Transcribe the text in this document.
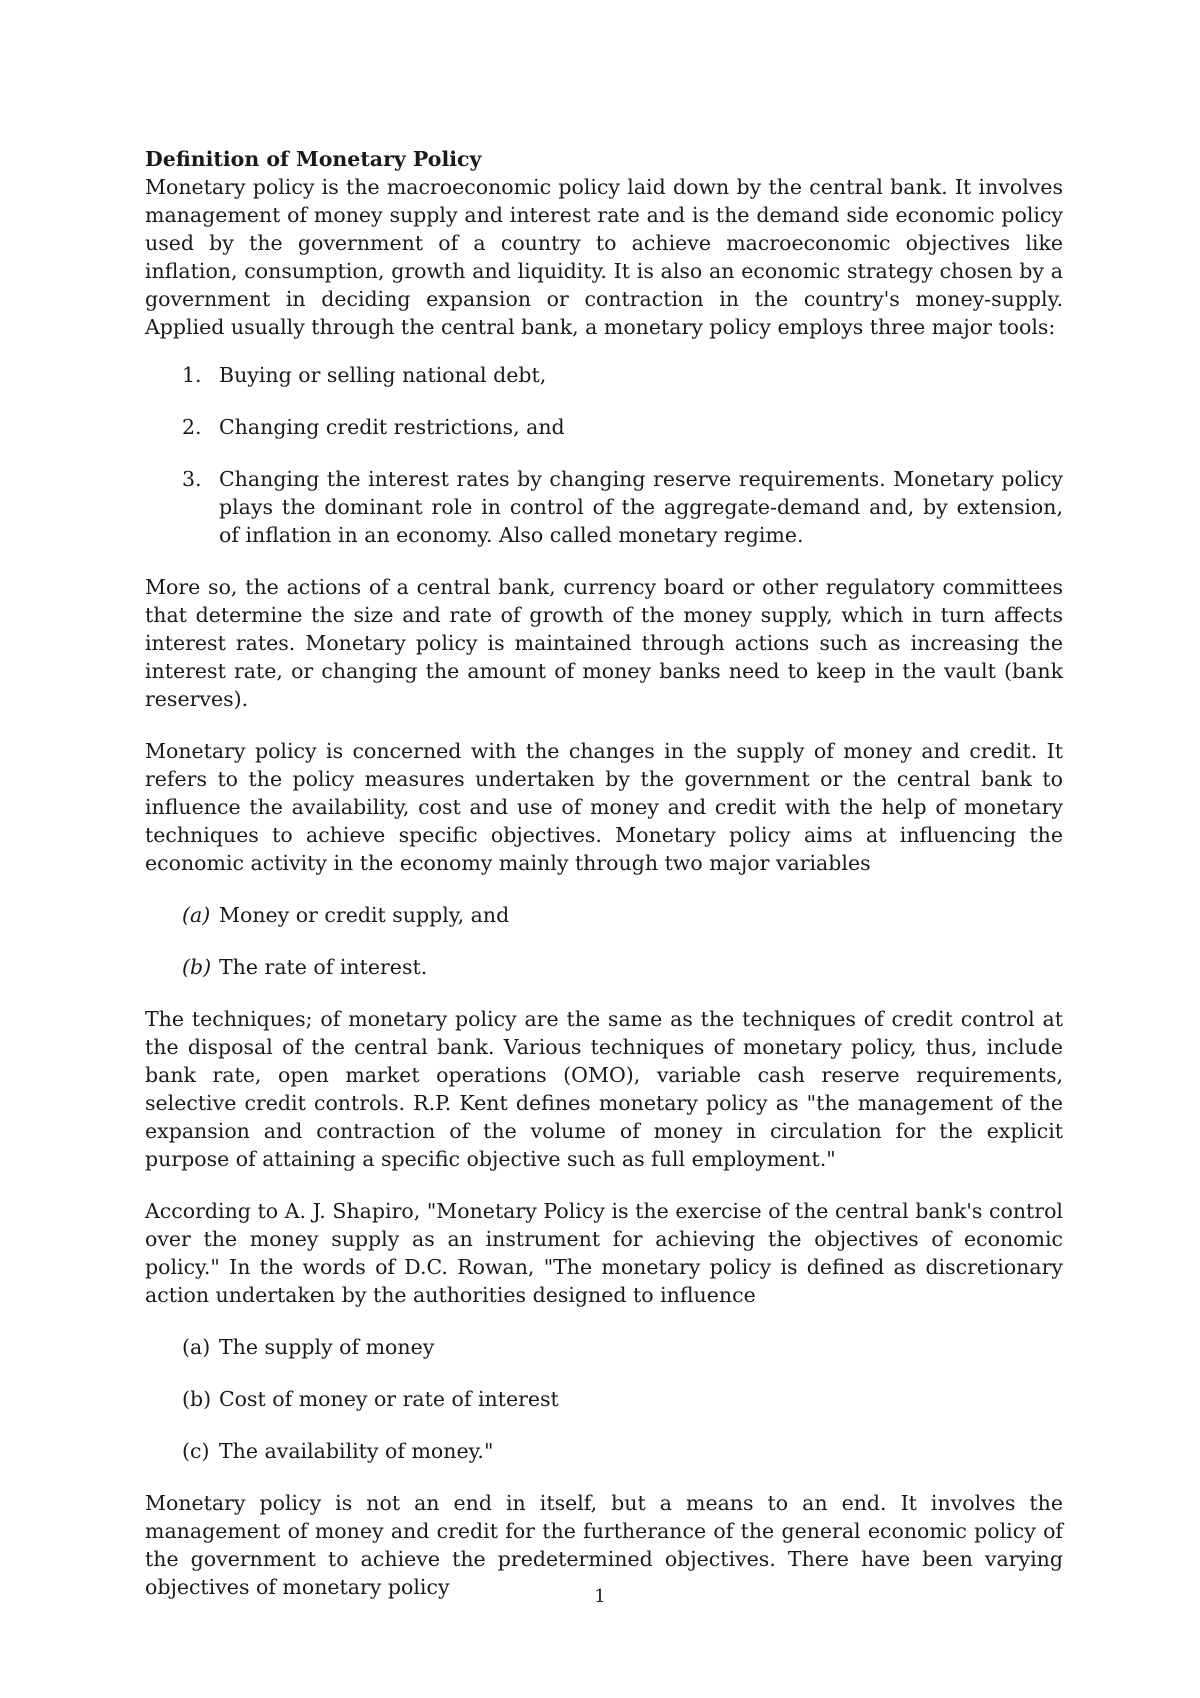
Definition of Monetary Policy

Monetary policy is the macroeconomic policy laid down by the central bank. It involves management of money supply and interest rate and is the demand side economic policy used by the government of a country to achieve macroeconomic objectives like inflation, consumption, growth and liquidity. It is also an economic strategy chosen by a government in deciding expansion or contraction in the country's money-supply. Applied usually through the central bank, a monetary policy employs three major tools:

1. Buying or selling national debt,
2. Changing credit restrictions, and
3. Changing the interest rates by changing reserve requirements. Monetary policy plays the dominant role in control of the aggregate-demand and, by extension, of inflation in an economy. Also called monetary regime.

More so, the actions of a central bank, currency board or other regulatory committees that determine the size and rate of growth of the money supply, which in turn affects interest rates. Monetary policy is maintained through actions such as increasing the interest rate, or changing the amount of money banks need to keep in the vault (bank reserves).

Monetary policy is concerned with the changes in the supply of money and credit. It refers to the policy measures undertaken by the government or the central bank to influence the availability, cost and use of money and credit with the help of monetary techniques to achieve specific objectives. Monetary policy aims at influencing the economic activity in the economy mainly through two major variables

(a) Money or credit supply, and
(b) The rate of interest.

The techniques; of monetary policy are the same as the techniques of credit control at the disposal of the central bank. Various techniques of monetary policy, thus, include bank rate, open market operations (OMO), variable cash reserve requirements, selective credit controls. R.P. Kent defines monetary policy as "the management of the expansion and contraction of the volume of money in circulation for the explicit purpose of attaining a specific objective such as full employment."

According to A. J. Shapiro, "Monetary Policy is the exercise of the central bank's control over the money supply as an instrument for achieving the objectives of economic policy." In the words of D.C. Rowan, "The monetary policy is defined as discretionary action undertaken by the authorities designed to influence

(a) The supply of money
(b) Cost of money or rate of interest
(c) The availability of money."

Monetary policy is not an end in itself, but a means to an end. It involves the management of money and credit for the furtherance of the general economic policy of the government to achieve the predetermined objectives. There have been varying objectives of monetary policy	1
